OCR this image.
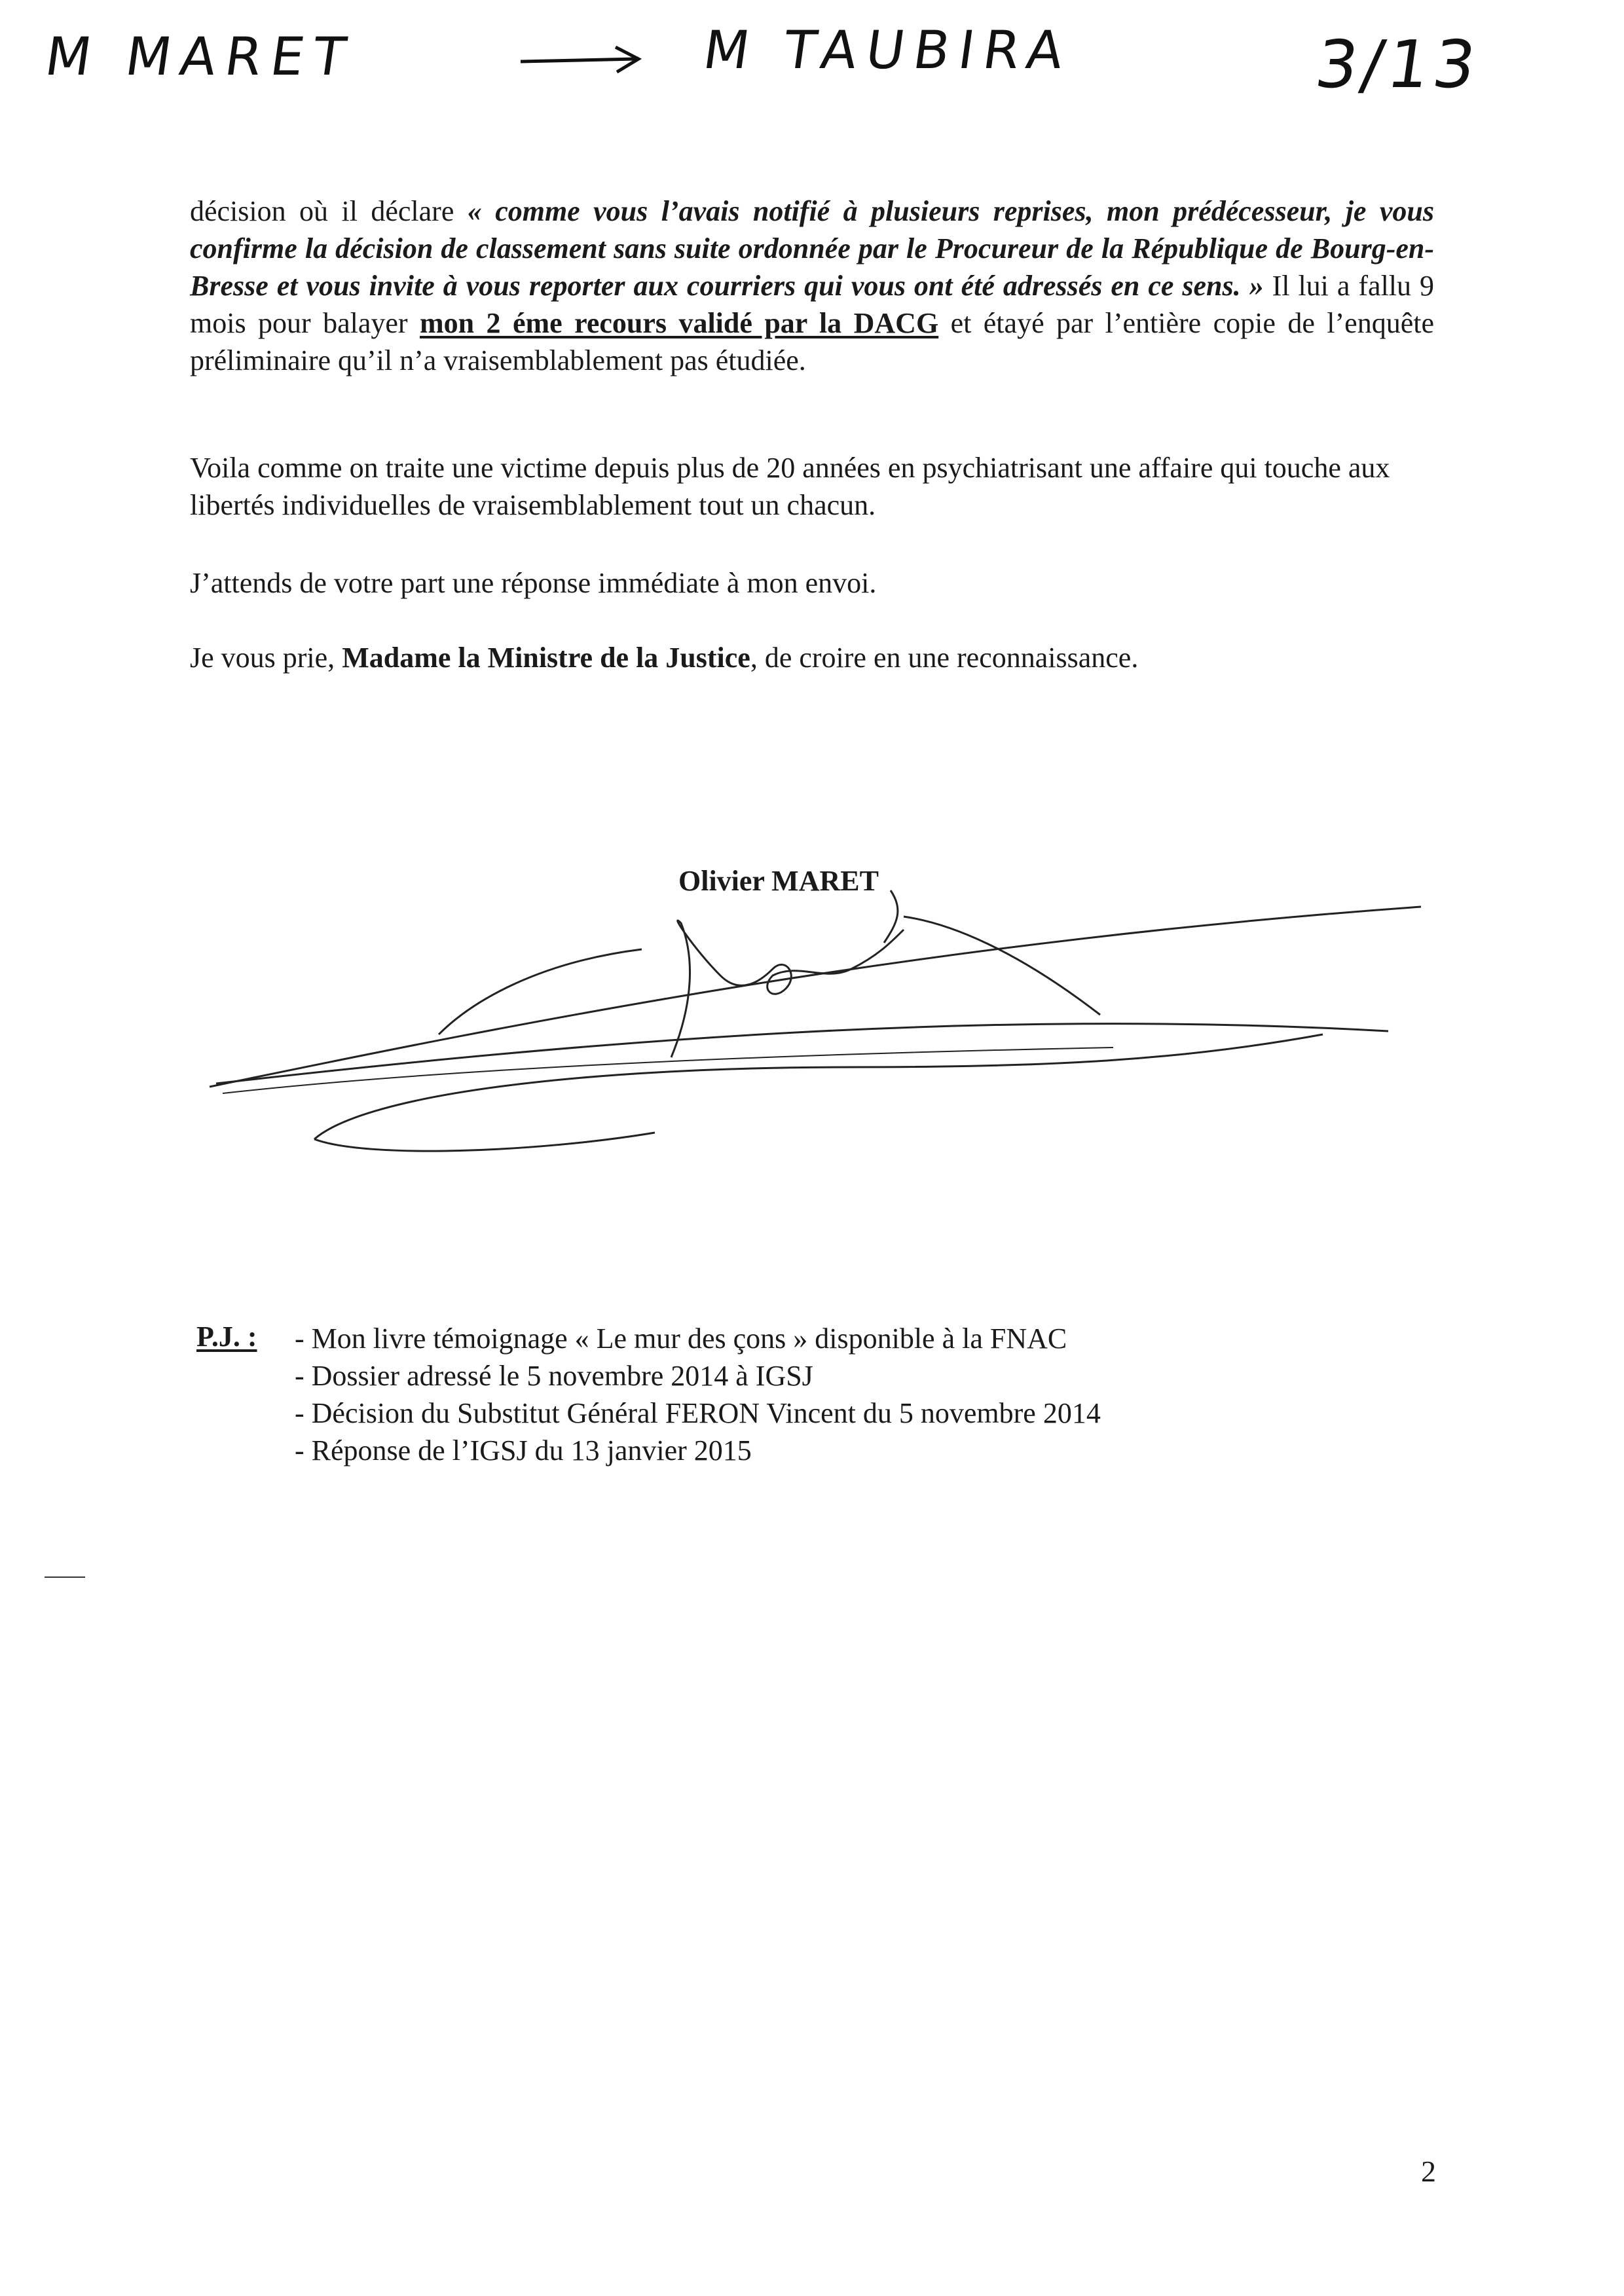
M MARET	M TAUBIRA	3/13

décision où il déclare « comme vous l’avais notifié à plusieurs reprises, mon prédécesseur, je vous confirme la décision de classement sans suite ordonnée par le Procureur de la République de Bourg-en-Bresse et vous invite à vous reporter aux courriers qui vous ont été adressés en ce sens. » Il lui a fallu 9 mois pour balayer mon 2 éme recours validé par la DACG et étayé par l’entière copie de l’enquête préliminaire qu’il n’a vraisemblablement pas étudiée.

Voila comme on traite une victime depuis plus de 20 années en psychiatrisant une affaire qui touche aux libertés individuelles de vraisemblablement tout un chacun.

J’attends de votre part une réponse immédiate à mon envoi.

Je vous prie, Madame la Ministre de la Justice, de croire en une reconnaissance.

Olivier MARET
P.J. : - Mon livre témoignage « Le mur des çons » disponible à la FNAC
- Dossier adressé le 5 novembre 2014 à IGSJ
- Décision du Substitut Général FERON Vincent du 5 novembre 2014
- Réponse de l’IGSJ du 13 janvier 2015
2
